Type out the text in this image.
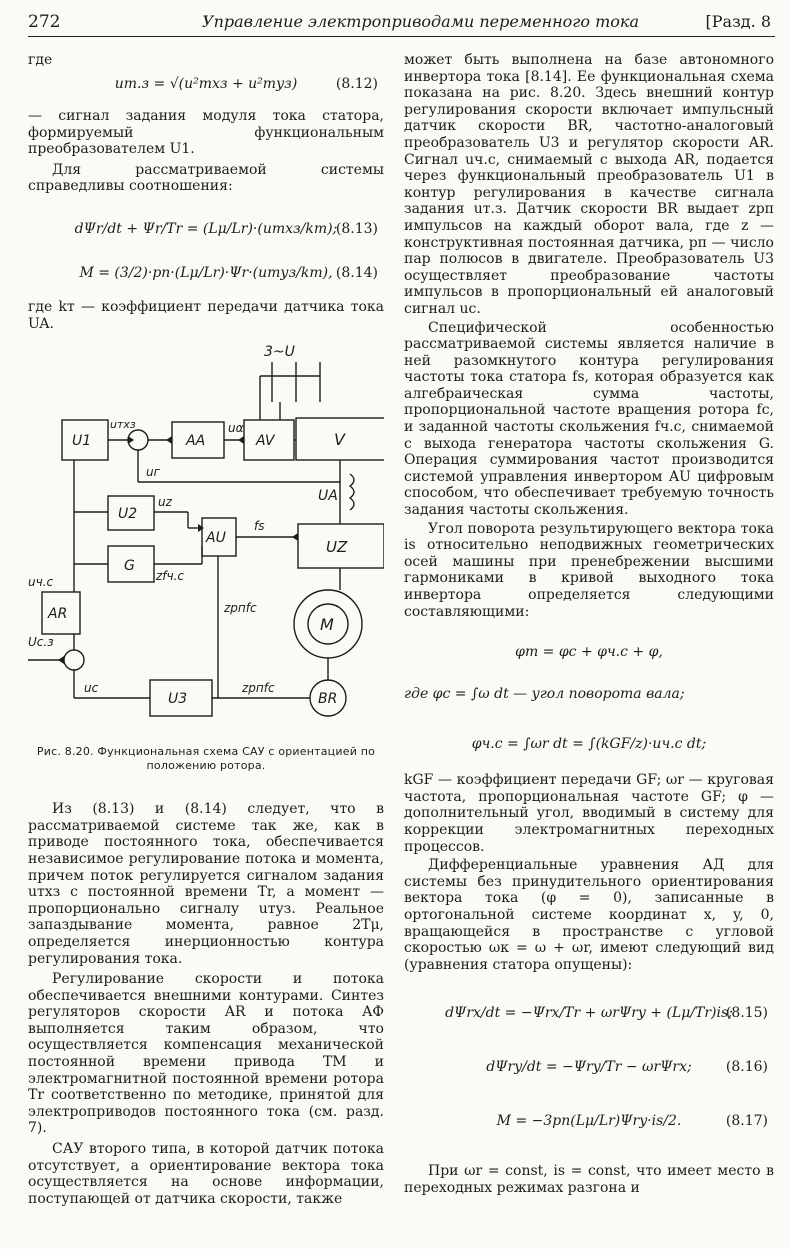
272	Управление электроприводами переменного тока	[Разд. 8

где

uт.з = √(u²тхз + u²туз)	(8.12)

— сигнал задания модуля тока статора, формируемый функциональным преобразователем U1.

Для рассматриваемой системы справедливы соотношения:

dΨr/dt + Ψr/Tr = (Lμ/Lr)·(uтхз/kт);
(8.13)
M = (3/2)·pп·(Lμ/Lr)·Ψr·(uтуз/kт), (8.14)

где kт — коэффициент передачи датчика тока UA.

3~U
U1
uтхз
AA
uα
AV	V
uг
UA
U2
uz
AU
fs
UZ
G
zfч.с
uч.с
AR	zpпfc
M
Uс.з
uc
U3
zpпfc
BR

Рис. 8.20. Функциональная схема САУ с ориентацией по положению ротора.

Из (8.13) и (8.14) следует, что в рассматриваемой системе так же, как в приводе постоянного тока, обеспечивается независимое регулирование потока и момента, причем поток регулируется сигналом задания uтхз с постоянной времени Tr, а момент — пропорционально сигналу uтуз. Реальное запаздывание момента, равное 2Tμ, определяется инерционностью контура регулирования тока.

Регулирование скорости и потока обеспечивается внешними контурами. Синтез регуляторов скорости AR и потока AФ выполняется таким образом, что осуществляется компенсация механической постоянной времени привода TM и электромагнитной постоянной времени ротора Tr соответственно по методике, принятой для электроприводов постоянного тока (см. разд. 7).

САУ второго типа, в которой датчик потока отсутствует, а ориентирование вектора тока осуществляется на основе информации, поступающей от датчика скорости, также

может быть выполнена на базе автономного инвертора тока [8.14]. Ее функциональная схема показана на рис. 8.20. Здесь внешний контур регулирования скорости включает импульсный датчик скорости BR, частотно-аналоговый преобразователь U3 и регулятор скорости AR. Сигнал uч.с, снимаемый с выхода AR, подается через функциональный преобразователь U1 в контур регулирования в качестве сигнала задания uт.з. Датчик скорости BR выдает zpп импульсов на каждый оборот вала, где z — конструктивная постоянная датчика, pп — число пар полюсов в двигателе. Преобразователь U3 осуществляет преобразование частоты импульсов в пропорциональный ей аналоговый сигнал uc.

Специфической особенностью рассматриваемой системы является наличие в ней разомкнутого контура регулирования частоты тока статора fs, которая образуется как алгебраическая сумма частоты, пропорциональной частоте вращения ротора fc, и заданной частоты скольжения fч.с, снимаемой с выхода генератора частоты скольжения G. Операция суммирования частот производится системой управления инвертором AU цифровым способом, что обеспечивает требуемую точность задания частоты скольжения.

Угол поворота результирующего вектора тока is относительно неподвижных геометрических осей машины при пренебрежении высшими гармониками в кривой выходного тока инвертора определяется следующими составляющими:

φт = φc + φч.с + φ,
где φc = ∫ω dt — угол поворота вала;
φч.с = ∫ωr dt = ∫(kGF/z)·uч.с dt;

kGF — коэффициент передачи GF; ωr — круговая частота, пропорциональная частоте GF; φ — дополнительный угол, вводимый в систему для коррекции электромагнитных переходных процессов.

Дифференциальные уравнения АД для системы без принудительного ориентирования вектора тока (φ = 0), записанные в ортогональной системе координат x, y, 0, вращающейся в пространстве с угловой скоростью ωк = ω + ωr, имеют следующий вид (уравнения статора опущены):

dΨrx/dt = −Ψrx/Tr + ωrΨry + (Lμ/Tr)is;
(8.15)
dΨry/dt = −Ψry/Tr − ωrΨrx; (8.16)
M = −3pп(Lμ/Lr)Ψry·is/2.	(8.17)

При ωr = const, is = const, что имеет место в переходных режимах разгона и
